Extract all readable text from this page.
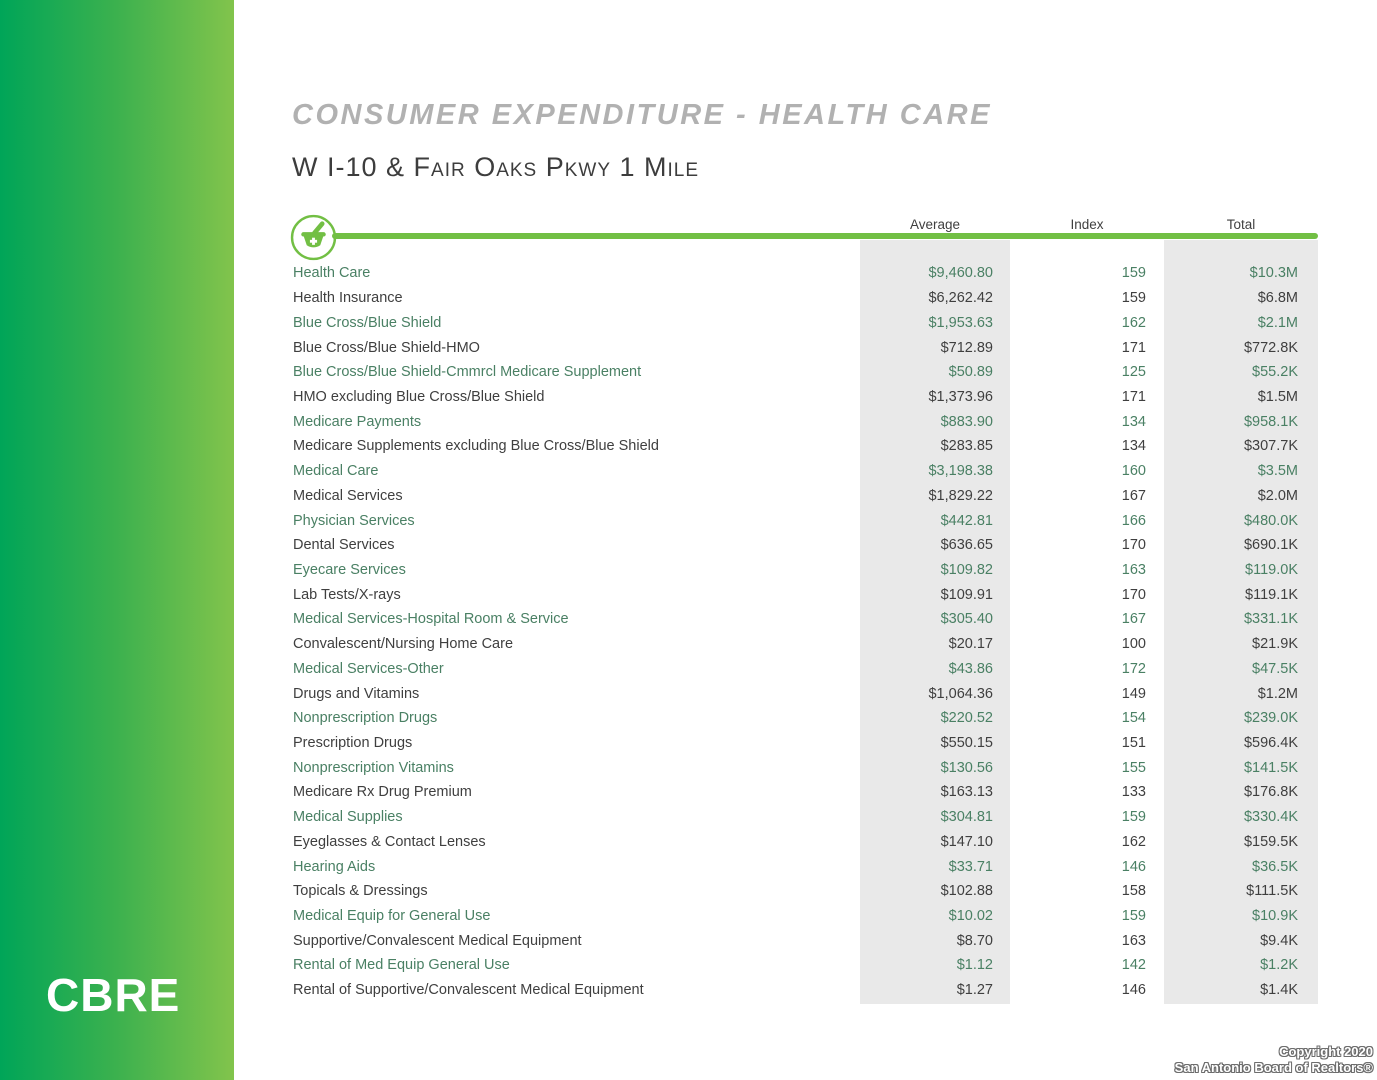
CBRE
CONSUMER EXPENDITURE - HEALTH CARE
W I-10 & Fair Oaks Pkwy 1 Mile
Average	Index	Total
Health Care	$9,460.80	159	$10.3M
Health Insurance	$6,262.42	159	$6.8M
Blue Cross/Blue Shield	$1,953.63	162	$2.1M
Blue Cross/Blue Shield-HMO	$712.89	171	$772.8K
Blue Cross/Blue Shield-Cmmrcl Medicare Supplement	$50.89	125	$55.2K
HMO excluding Blue Cross/Blue Shield	$1,373.96	171	$1.5M
Medicare Payments	$883.90	134	$958.1K
Medicare Supplements excluding Blue Cross/Blue Shield	$283.85	134	$307.7K
Medical Care	$3,198.38	160	$3.5M
Medical Services	$1,829.22	167	$2.0M
Physician Services	$442.81	166	$480.0K
Dental Services	$636.65	170	$690.1K
Eyecare Services	$109.82	163	$119.0K
Lab Tests/X-rays	$109.91	170	$119.1K
Medical Services-Hospital Room & Service	$305.40	167	$331.1K
Convalescent/Nursing Home Care	$20.17	100	$21.9K
Medical Services-Other	$43.86	172	$47.5K
Drugs and Vitamins	$1,064.36	149	$1.2M
Nonprescription Drugs	$220.52	154	$239.0K
Prescription Drugs	$550.15	151	$596.4K
Nonprescription Vitamins	$130.56	155	$141.5K
Medicare Rx Drug Premium	$163.13	133	$176.8K
Medical Supplies	$304.81	159	$330.4K
Eyeglasses & Contact Lenses	$147.10	162	$159.5K
Hearing Aids	$33.71	146	$36.5K
Topicals & Dressings	$102.88	158	$111.5K
Medical Equip for General Use	$10.02	159	$10.9K
Supportive/Convalescent Medical Equipment	$8.70	163	$9.4K
Rental of Med Equip General Use	$1.12	142	$1.2K
Rental of Supportive/Convalescent Medical Equipment	$1.27	146	$1.4K
Copyright 2020
San Antonio Board of Realtors®
